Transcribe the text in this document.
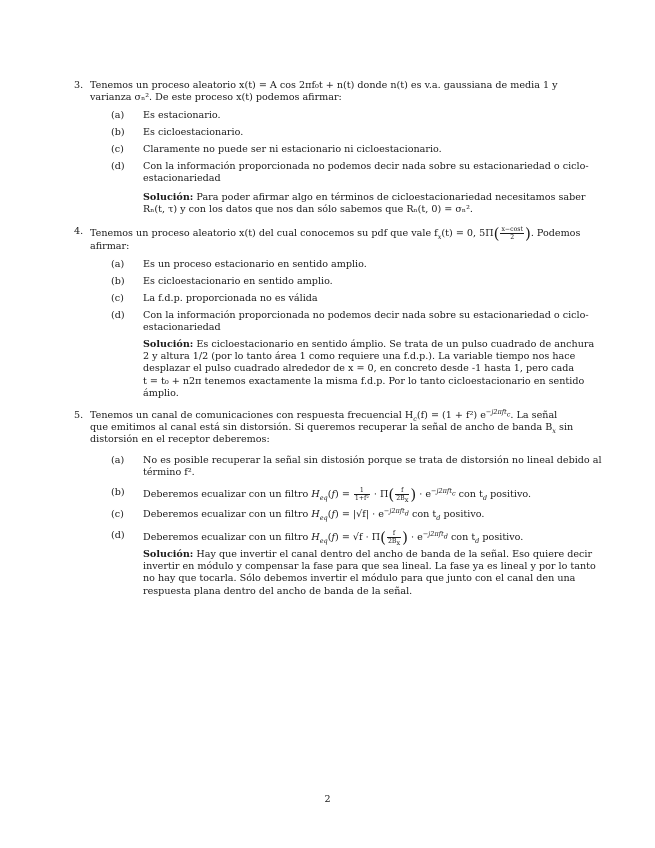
3. Tenemos un proceso aleatorio x(t) = A cos 2πf₀t + n(t) donde n(t) es v.a. gaussiana de media 1 y
varianza σₙ². De este proceso x(t) podemos afirmar:
(a) Es estacionario.
(b) Es cicloestacionario.
(c) Claramente no puede ser ni estacionario ni cicloestacionario.
(d) Con la información proporcionada no podemos decir nada sobre su estacionariedad o ciclo-
estacionariedad
Solución: Para poder afirmar algo en términos de cicloestacionariedad necesitamos saber
Rₙ(t, τ) y con los datos que nos dan sólo sabemos que Rₙ(t, 0) = σₙ².
4. Tenemos un proceso aleatorio x(t) del cual conocemos su pdf que vale $f_x(t) = 0$, $5\Pi( \frac{x-\cos t}{2}$ ). Podemos
afirmar:
(a) Es un proceso estacionario en sentido amplio.
(b) Es cicloestacionario en sentido amplio.
(c) La f.d.p. proporcionada no es válida
(d) Con la información proporcionada no podemos decir nada sobre su estacionariedad o ciclo-
estacionariedad
Solución: Es cicloestacionario en sentido ámplio. Se trata de un pulso cuadrado de anchura
2 y altura 1/2 (por lo tanto área 1 como requiere una f.d.p.). La variable tiempo nos hace
desplazar el pulso cuadrado alrededor de x = 0, en concreto desde -1 hasta 1, pero cada
t = t₀ + n2π tenemos exactamente la misma f.d.p. Por lo tanto cicloestacionario en sentido
ámplio.
5. Tenemos un canal de comunicaciones con respuesta frecuencial $H_c(f) = (1 + f^2)$ $e^{-j2\pi ft_c}$. La señal
que emitimos al canal está sin distorsión. Si queremos recuperar la señal de ancho de banda $B_x$ sin
distorsión en el receptor deberemos:
(a) No es posible recuperar la señal sin distosión porque se trata de distorsión no lineal debido al
término f².
(b) Deberemos ecualizar con un filtro $H_{eq}(f) = \frac{1}{\text{1+f²}} \cdot \Pi( \frac{f}{2B_x}$ ) · $e^{-j2\pi ft_c}$ con $t_d$ positivo.
(c) Deberemos ecualizar con un filtro $H_{eq}(f) = |√f| \cdot e^{-j2\pi ft_d}$ con $t_d$ positivo.
(d) Deberemos ecualizar con un filtro $H_{eq}(f) = √f \cdot \Pi( \frac{f}{2B_x}$ ) · $e^{-j2\pi ft_d}$ con $t_d$ positivo.
Solución: Hay que invertir el canal dentro del ancho de banda de la señal. Eso quiere decir
invertir en módulo y compensar la fase para que sea lineal. La fase ya es lineal y por lo tanto
no hay que tocarla. Sólo debemos invertir el módulo para que junto con el canal den una
respuesta plana dentro del ancho de banda de la señal.
2
